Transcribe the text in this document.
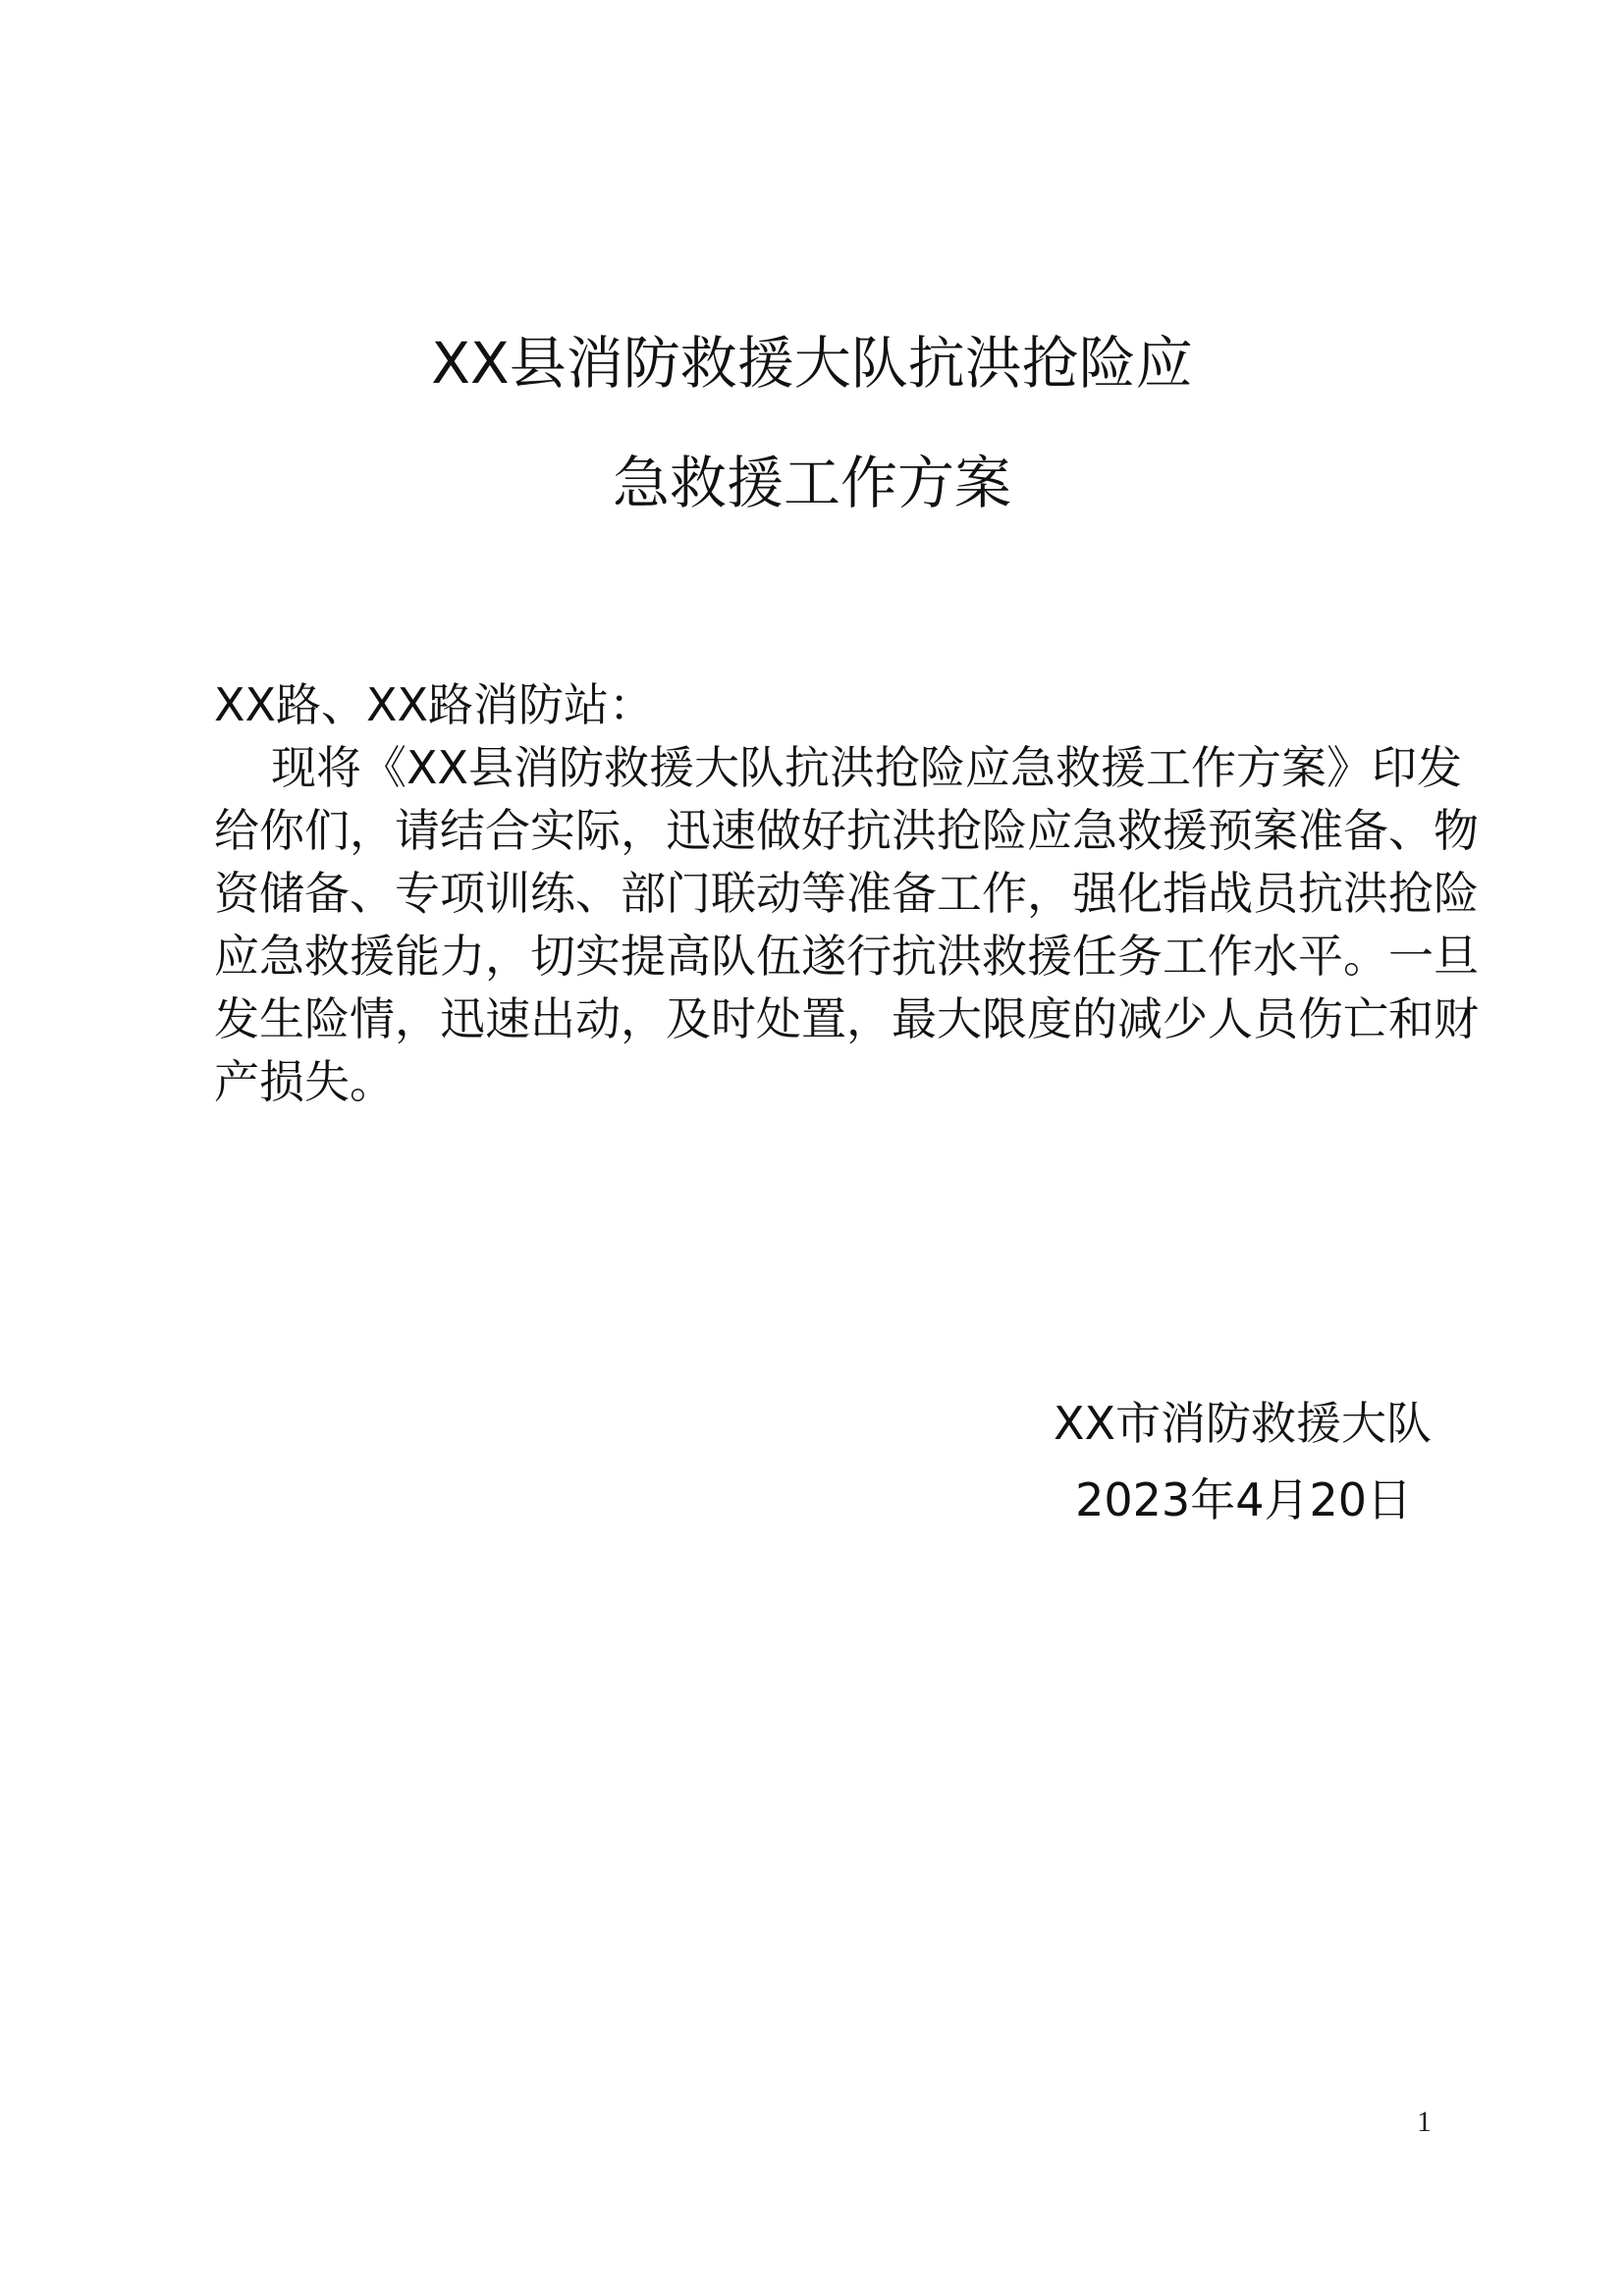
XX县消防救援大队抗洪抢险应
急救援工作方案
XX路、XX路消防站：
现将《XX县消防救援大队抗洪抢险应急救援工作方案》印发
给你们，请结合实际，迅速做好抗洪抢险应急救援预案准备、物
资储备、专项训练、部门联动等准备工作，强化指战员抗洪抢险
应急救援能力，切实提高队伍遂行抗洪救援任务工作水平。一旦
发生险情，迅速出动，及时处置，最大限度的减少人员伤亡和财
产损失。
XX市消防救援大队
2023年4月20日
1
